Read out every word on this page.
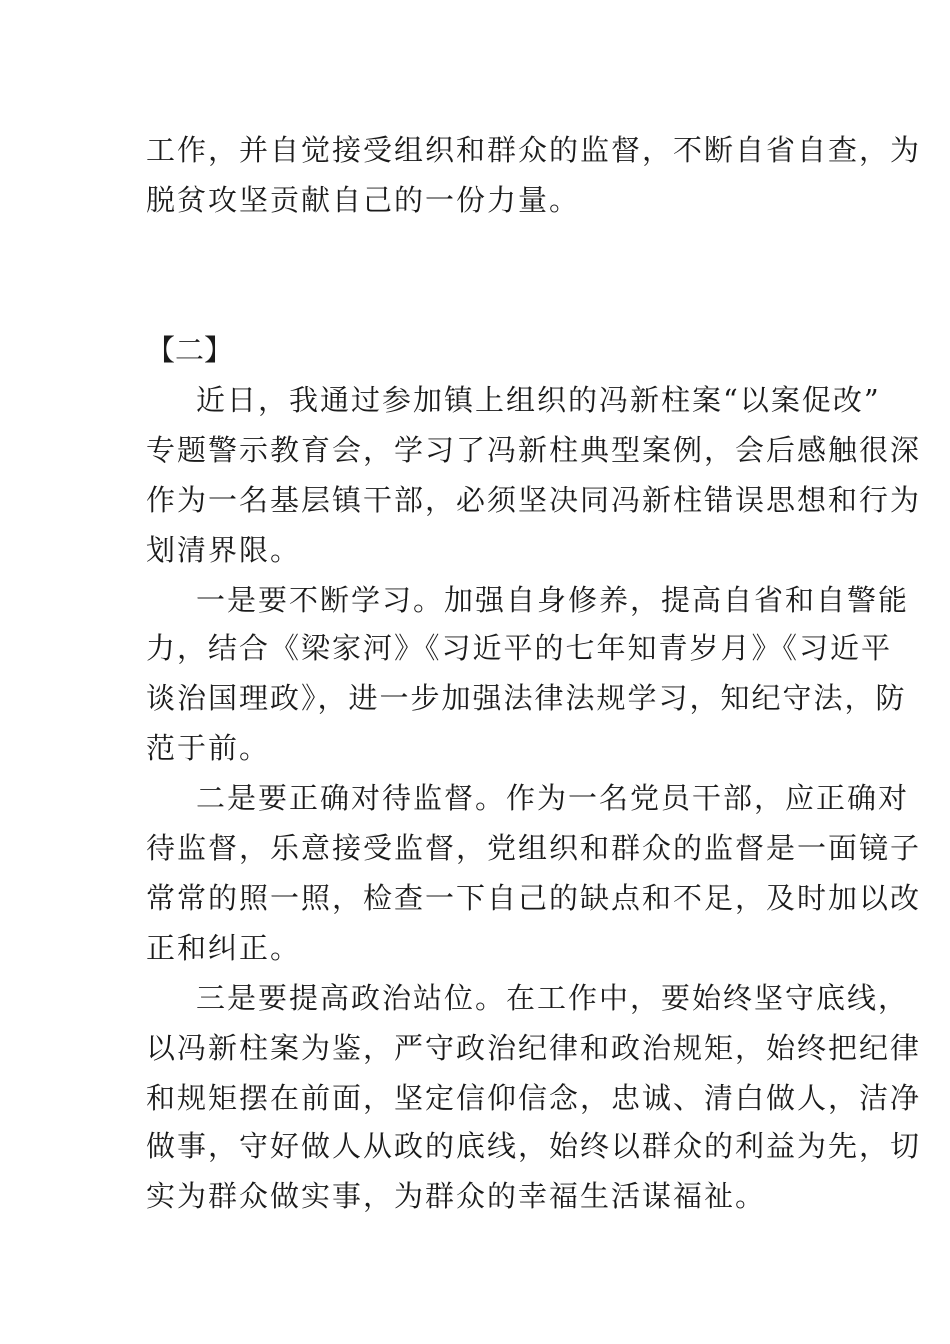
工作，并自觉接受组织和群众的监督，不断自省自查，为
脱贫攻坚贡献自己的一份力量。
【二】
近日，我通过参加镇上组织的冯新柱案“以案促改”
专题警示教育会，学习了冯新柱典型案例，会后感触很深
作为一名基层镇干部，必须坚决同冯新柱错误思想和行为
划清界限。
一是要不断学习。加强自身修养，提高自省和自警能
力，结合《梁家河》《习近平的七年知青岁月》《习近平
谈治国理政》，进一步加强法律法规学习，知纪守法，防
范于前。
二是要正确对待监督。作为一名党员干部，应正确对
待监督，乐意接受监督，党组织和群众的监督是一面镜子
常常的照一照，检查一下自己的缺点和不足，及时加以改
正和纠正。
三是要提高政治站位。在工作中，要始终坚守底线，
以冯新柱案为鉴，严守政治纪律和政治规矩，始终把纪律
和规矩摆在前面，坚定信仰信念，忠诚、清白做人，洁净
做事，守好做人从政的底线，始终以群众的利益为先，切
实为群众做实事，为群众的幸福生活谋福祉。
